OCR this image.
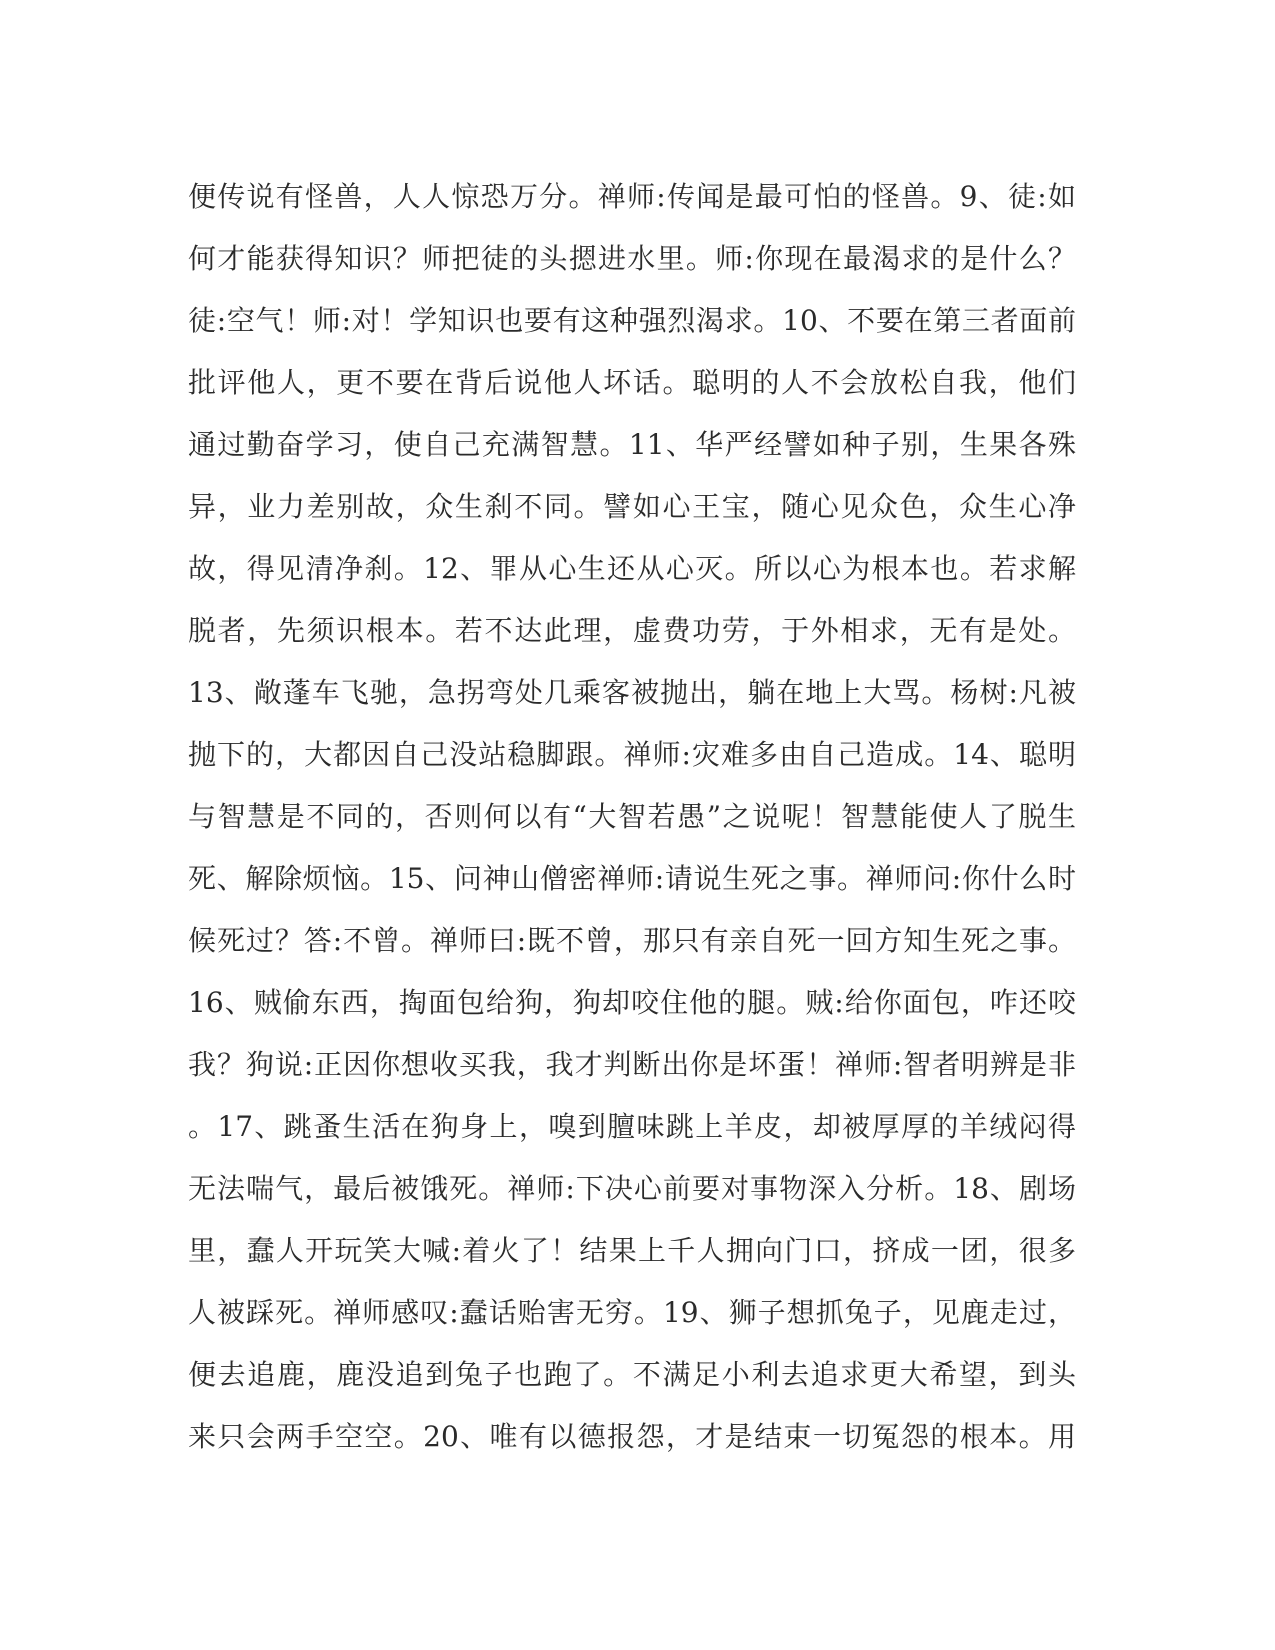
便传说有怪兽，人人惊恐万分。禅师:传闻是最可怕的怪兽。9、徒:如
何才能获得知识？师把徒的头摁进水里。师:你现在最渴求的是什么？
徒:空气！师:对！学知识也要有这种强烈渴求。10、不要在第三者面前
批评他人，更不要在背后说他人坏话。聪明的人不会放松自我，他们
通过勤奋学习，使自己充满智慧。11、华严经譬如种子别，生果各殊
异，业力差别故，众生刹不同。譬如心王宝，随心见众色，众生心净
故，得见清净刹。12、罪从心生还从心灭。所以心为根本也。若求解
脱者，先须识根本。若不达此理，虚费功劳，于外相求，无有是处。
13、敞蓬车飞驰，急拐弯处几乘客被抛出，躺在地上大骂。杨树:凡被
抛下的，大都因自己没站稳脚跟。禅师:灾难多由自己造成。14、聪明
与智慧是不同的，否则何以有“大智若愚”之说呢！智慧能使人了脱生
死、解除烦恼。15、问神山僧密禅师:请说生死之事。禅师问:你什么时
候死过？答:不曾。禅师曰:既不曾，那只有亲自死一回方知生死之事。
16、贼偷东西，掏面包给狗，狗却咬住他的腿。贼:给你面包，咋还咬
我？狗说:正因你想收买我，我才判断出你是坏蛋！禅师:智者明辨是非
。17、跳蚤生活在狗身上，嗅到膻味跳上羊皮，却被厚厚的羊绒闷得
无法喘气，最后被饿死。禅师:下决心前要对事物深入分析。18、剧场
里，蠢人开玩笑大喊:着火了！结果上千人拥向门口，挤成一团，很多
人被踩死。禅师感叹:蠢话贻害无穷。19、狮子想抓兔子，见鹿走过，
便去追鹿，鹿没追到兔子也跑了。不满足小利去追求更大希望，到头
来只会两手空空。20、唯有以德报怨，才是结束一切冤怨的根本。用
